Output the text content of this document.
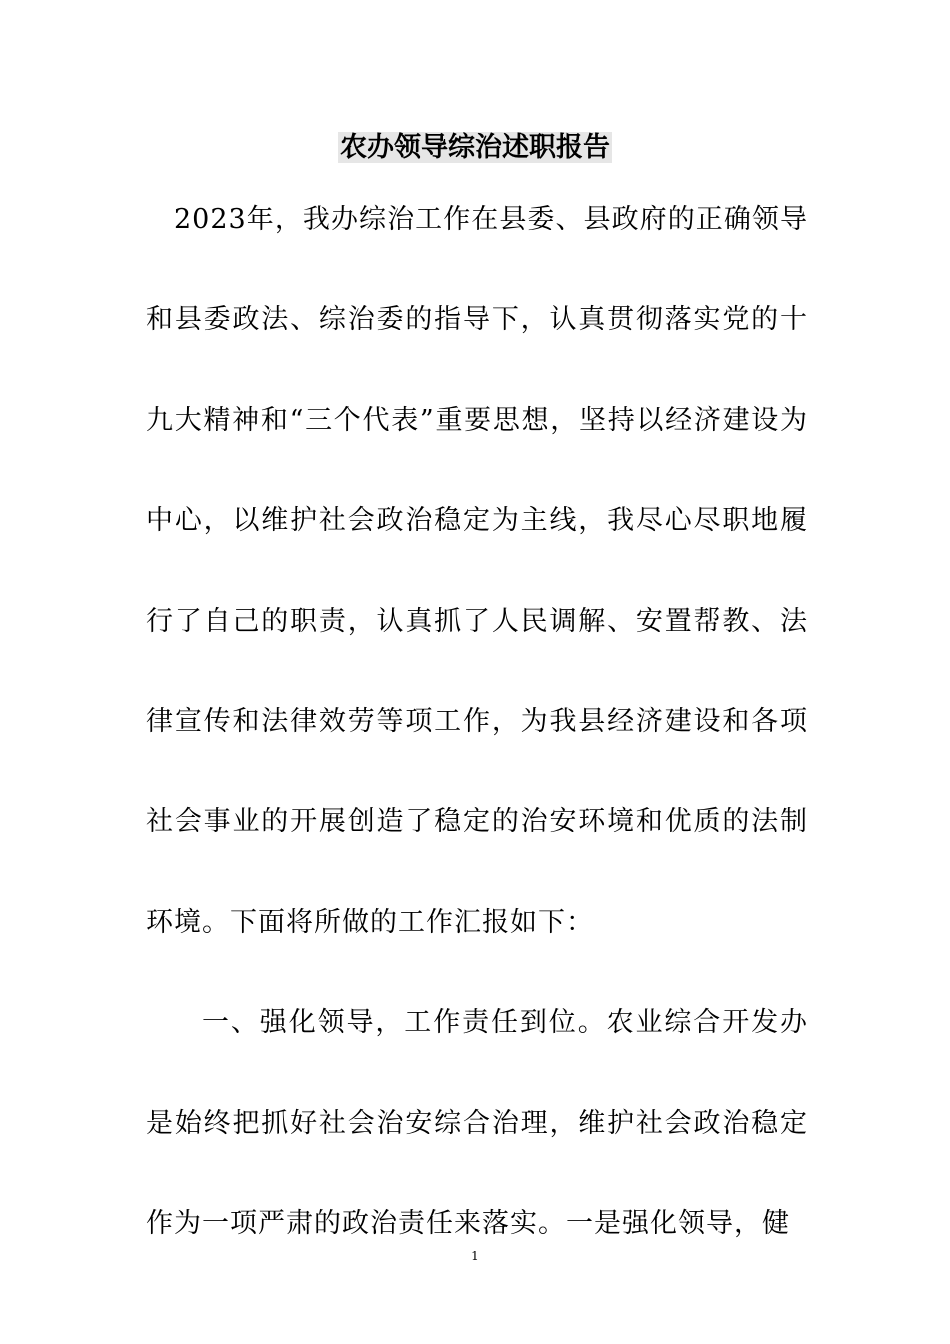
农办领导综治述职报告

2023年，我办综治工作在县委、县政府的正确领导和县委政法、综治委的指导下，认真贯彻落实党的十九大精神和“三个代表”重要思想，坚持以经济建设为中心，以维护社会政治稳定为主线，我尽心尽职地履行了自己的职责，认真抓了人民调解、安置帮教、法律宣传和法律效劳等项工作，为我县经济建设和各项社会事业的开展创造了稳定的治安环境和优质的法制环境。下面将所做的工作汇报如下：

一、强化领导，工作责任到位。农业综合开发办是始终把抓好社会治安综合治理，维护社会政治稳定作为一项严肃的政治责任来落实。一是强化领导，健

1
